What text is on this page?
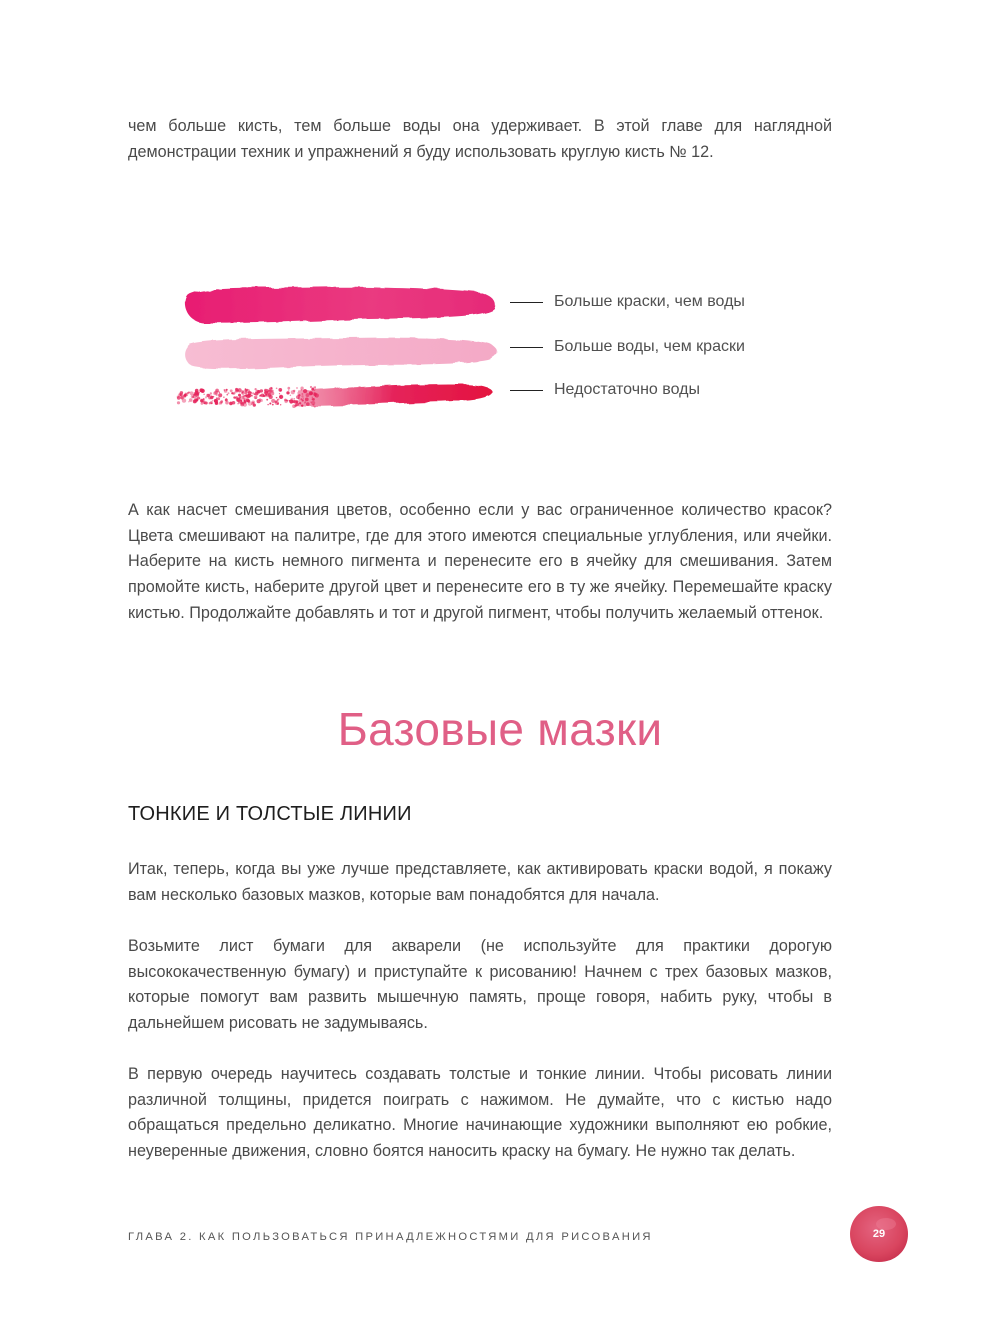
чем больше кисть, тем больше воды она удерживает. В этой главе для наглядной демонстрации техник и упражнений я буду использовать круглую кисть № 12.

Больше краски, чем воды
Больше воды, чем краски
Недостаточно воды

А как насчет смешивания цветов, особенно если у вас ограниченное количество красок? Цвета смешивают на палитре, где для этого имеются специальные углубления, или ячейки. Наберите на кисть немного пигмента и перенесите его в ячейку для смешивания. Затем промойте кисть, наберите другой цвет и перенесите его в ту же ячейку. Перемешайте краску кистью. Продолжайте добавлять и тот и другой пигмент, чтобы получить желаемый оттенок.

Базовые мазки
ТОНКИЕ И ТОЛСТЫЕ ЛИНИИ

Итак, теперь, когда вы уже лучше представляете, как активировать краски водой, я покажу вам несколько базовых мазков, которые вам понадобятся для начала.

Возьмите лист бумаги для акварели (не используйте для практики дорогую высококачественную бумагу) и приступайте к рисованию! Начнем с трех базовых мазков, которые помогут вам развить мышечную память, проще говоря, набить руку, чтобы в дальнейшем рисовать не задумываясь.

В первую очередь научитесь создавать толстые и тонкие линии. Чтобы рисовать линии различной толщины, придется поиграть с нажимом. Не думайте, что с кистью надо обращаться предельно деликатно. Многие начинающие художники выполняют ею робкие, неуверенные движения, словно боятся наносить краску на бумагу. Не нужно так делать.

ГЛАВА 2. КАК ПОЛЬЗОВАТЬСЯ ПРИНАДЛЕЖНОСТЯМИ ДЛЯ РИСОВАНИЯ	29
